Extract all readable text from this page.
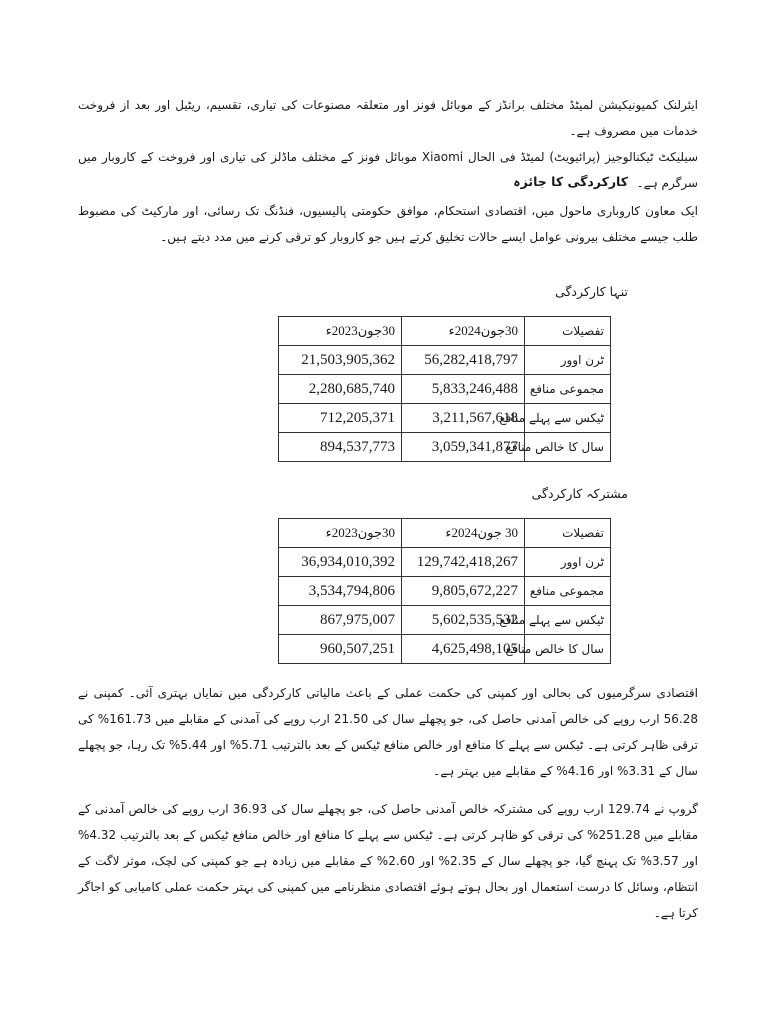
ایئرلنک کمیونیکیشن لمیٹڈ مختلف برانڈز کے موبائل فونز اور متعلقہ مصنوعات کی تیاری، تقسیم، ریٹیل اور بعد از فروخت خدمات میں مصروف ہے۔
سیلیکٹ ٹیکنالوجیز (پرائیویٹ) لمیٹڈ فی الحال Xiaomi موبائل فونز کے مختلف ماڈلز کی تیاری اور فروخت کے کاروبار میں سرگرم ہے۔
کارکردگی کا جائزہ
ایک معاون کاروباری ماحول میں، اقتصادی استحکام، موافق حکومتی پالیسیوں، فنڈنگ تک رسائی، اور مارکیٹ کی مضبوط طلب جیسے مختلف بیرونی عوامل ایسے حالات تخلیق کرتے ہیں جو کاروبار کو ترقی کرنے میں مدد دیتے ہیں۔
تنہا کارکردگی
30جون2023ء	30جون2024ء	تفصیلات
21,503,905,362	56,282,418,797	ٹرن اوور
2,280,685,740	5,833,246,488	مجموعی منافع
712,205,371	3,211,567,618	ٹیکس سے پہلے منافع
894,537,773	3,059,341,877	سال کا خالص منافع
مشترکہ کارکردگی
30جون2023ء	30 جون2024ء	تفصیلات
36,934,010,392	129,742,418,267	ٹرن اوور
3,534,794,806	9,805,672,227	مجموعی منافع
867,975,007	5,602,535,532	ٹیکس سے پہلے منافع
960,507,251	4,625,498,105	سال کا خالص منافع
اقتصادی سرگرمیوں کی بحالی اور کمپنی کی حکمت عملی کے باعث مالیاتی کارکردگی میں نمایاں بہتری آئی۔ کمپنی نے 56.28 ارب روپے کی خالص آمدنی حاصل کی، جو پچھلے سال کی 21.50 ارب روپے کی آمدنی کے مقابلے میں 161.73% کی ترقی ظاہر کرتی ہے۔ ٹیکس سے پہلے کا منافع اور خالص منافع ٹیکس کے بعد بالترتیب 5.71% اور 5.44% تک رہا، جو پچھلے سال کے 3.31% اور 4.16% کے مقابلے میں بہتر ہے۔
گروپ نے 129.74 ارب روپے کی مشترکہ خالص آمدنی حاصل کی، جو پچھلے سال کی 36.93 ارب روپے کی خالص آمدنی کے مقابلے میں 251.28% کی ترقی کو ظاہر کرتی ہے۔ ٹیکس سے پہلے کا منافع اور خالص منافع ٹیکس کے بعد بالترتیب 4.32% اور 3.57% تک پہنچ گیا، جو پچھلے سال کے 2.35% اور 2.60% کے مقابلے میں زیادہ ہے جو کمپنی کی لچک، موثر لاگت کے انتظام، وسائل کا درست استعمال اور بحال ہوتے ہوئے اقتصادی منظرنامے میں کمپنی کی بہتر حکمت عملی کامیابی کو اجاگر کرتا ہے۔
